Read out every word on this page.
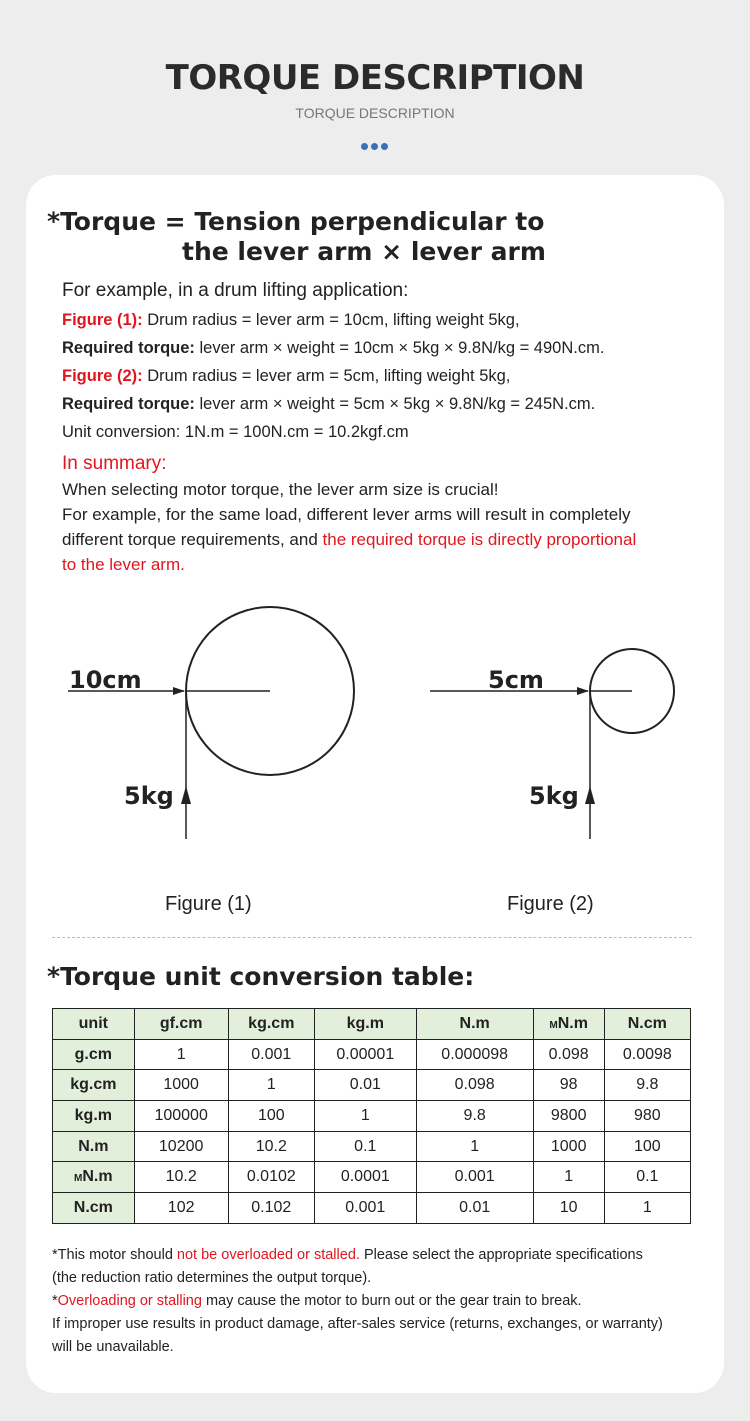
TORQUE DESCRIPTION
TORQUE DESCRIPTION
*Torque = Tension perpendicular to
the lever arm × lever arm
For example, in a drum lifting application:
Figure (1): Drum radius = lever arm = 10cm, lifting weight 5kg,
Required torque: lever arm × weight = 10cm × 5kg × 9.8N/kg = 490N.cm.
Figure (2): Drum radius = lever arm = 5cm, lifting weight 5kg,
Required torque: lever arm × weight = 5cm × 5kg × 9.8N/kg = 245N.cm.
Unit conversion: 1N.m = 100N.cm = 10.2kgf.cm
In summary:
When selecting motor torque, the lever arm size is crucial!
For example, for the same load, different lever arms will result in completely
different torque requirements, and the required torque is directly proportional
to the lever arm.
10cm
5kg
5cm
5kg
Figure (1)	Figure (2)
*Torque unit conversion table:
unit	gf.cm	kg.cm	kg.m	N.m	MN.m	N.cm
g.cm	1	0.001	0.00001	0.000098	0.098	0.0098
kg.cm	1000	1	0.01	0.098	98	9.8
kg.m	100000	100	1	9.8	9800	980
N.m	10200	10.2	0.1	1	1000	100
MN.m	10.2	0.0102	0.0001	0.001	1	0.1
N.cm	102	0.102	0.001	0.01	10	1
*This motor should not be overloaded or stalled. Please select the appropriate specifications
(the reduction ratio determines the output torque).
*Overloading or stalling may cause the motor to burn out or the gear train to break.
If improper use results in product damage, after-sales service (returns, exchanges, or warranty)
will be unavailable.
